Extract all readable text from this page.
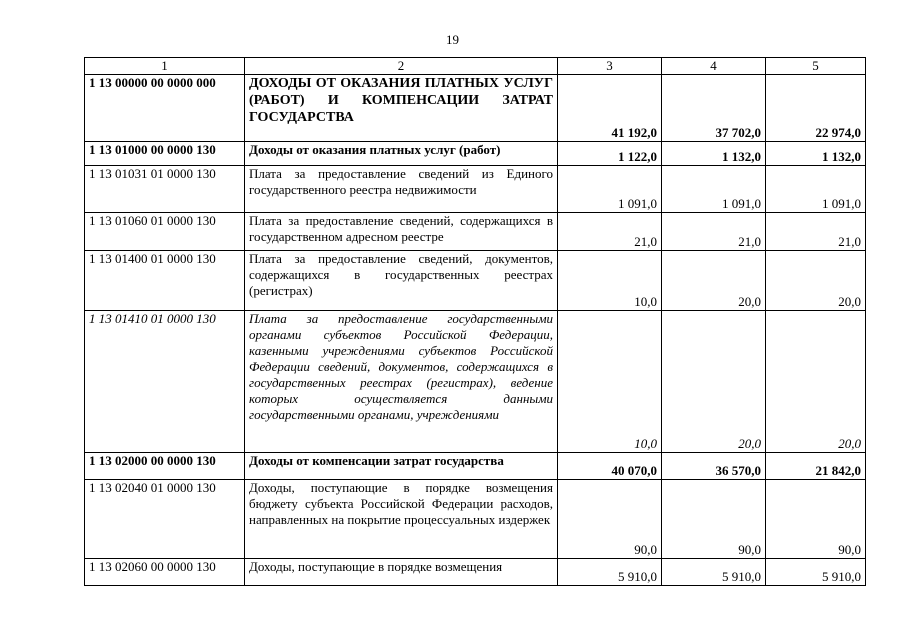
19
1	2	3	4	5
1 13 00000 00 0000 000	ДОХОДЫ ОТ ОКАЗАНИЯ ПЛАТНЫХ УСЛУГ (РАБОТ) И КОМПЕНСАЦИИ ЗАТРАТ ГОСУДАРСТВА	41 192,0	37 702,0	22 974,0
1 13 01000 00 0000 130	Доходы от оказания платных услуг (работ)	1 122,0	1 132,0	1 132,0
1 13 01031 01 0000 130	Плата за предоставление сведений из Единого государственного реестра недвижимости	1 091,0	1 091,0	1 091,0
1 13 01060 01 0000 130	Плата за предоставление сведений, содержащихся в государственном адресном реестре	21,0	21,0	21,0
1 13 01400 01 0000 130	Плата за предоставление сведений, документов, содержащихся в государственных реестрах (регистрах)	10,0	20,0	20,0
1 13 01410 01 0000 130	Плата за предоставление государственными органами субъектов Российской Федерации, казенными учреждениями субъектов Российской Федерации сведений, документов, содержащихся в государственных реестрах (регистрах), ведение которых осуществляется данными государственными органами, учреждениями	10,0	20,0	20,0
1 13 02000 00 0000 130	Доходы от компенсации затрат государства	40 070,0	36 570,0	21 842,0
1 13 02040 01 0000 130	Доходы, поступающие в порядке возмещения бюджету субъекта Российской Федерации расходов, направленных на покрытие процессуальных издержек	90,0	90,0	90,0
1 13 02060 00 0000 130	Доходы, поступающие в порядке возмещения	5 910,0	5 910,0	5 910,0
